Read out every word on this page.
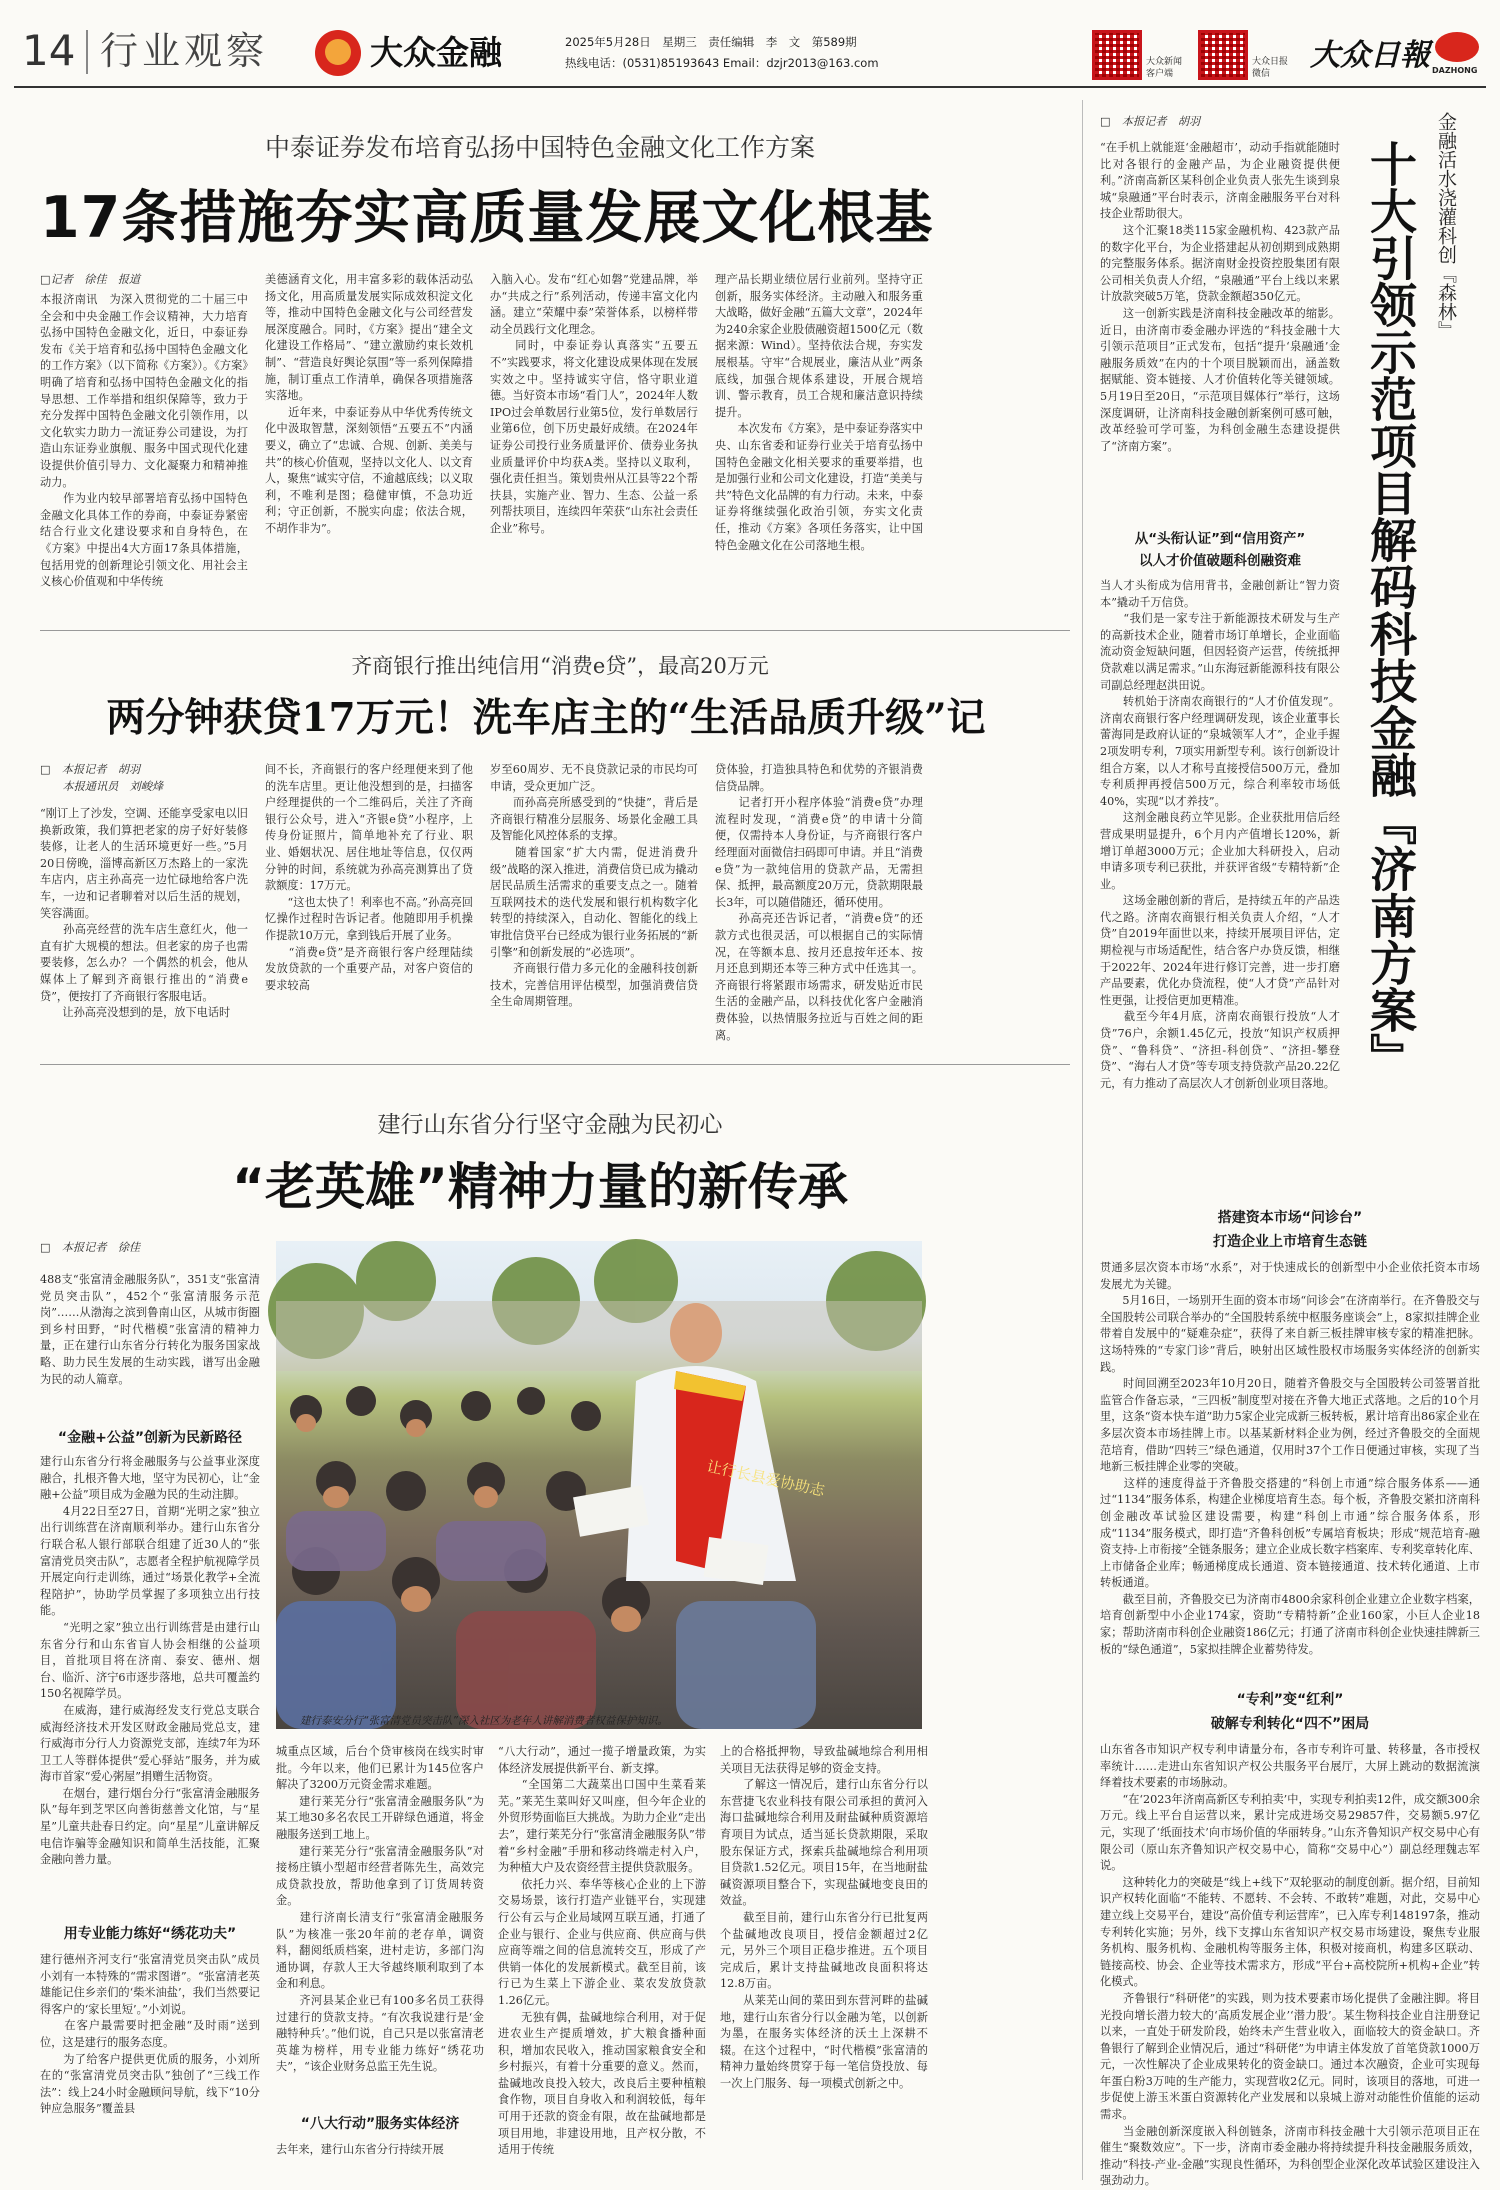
14 行业观察	大众金融	2025年5月28日　星期三　责任编辑　李　文　第589期
热线电话：(0531)85193643 Email：dzjr2013@163.com	大众新闻
客户端
大众日报
微信
大众日報 DAZHONG
中泰证券发布培育弘扬中国特色金融文化工作方案
17条措施夯实高质量发展文化根基
□记者　徐佳　报道
本报济南讯　为深入贯彻党的二十届三中全会和中央金融工作会议精神，大力培育弘扬中国特色金融文化，近日，中泰证券发布《关于培育和弘扬中国特色金融文化的工作方案》（以下简称《方案》）。《方案》明确了培育和弘扬中国特色金融文化的指导思想、工作举措和组织保障等，致力于充分发挥中国特色金融文化引领作用，以文化软实力助力一流证券公司建设，为打造山东证券业旗舰、服务中国式现代化建设提供价值引导力、文化凝聚力和精神推动力。
　　作为业内较早部署培育弘扬中国特色金融文化具体工作的券商，中泰证券紧密结合行业文化建设要求和自身特色，在《方案》中提出4大方面17条具体措施，包括用党的创新理论引领文化、用社会主义核心价值观和中华传统
美德涵育文化，用丰富多彩的载体活动弘扬文化，用高质量发展实际成效积淀文化等，推动中国特色金融文化与公司经营发展深度融合。同时，《方案》提出“建全文化建设工作格局”、“建立激励约束长效机制”、“营造良好舆论氛围”等一系列保障措施，制订重点工作清单，确保各项措施落实落地。
　　近年来，中泰证券从中华优秀传统文化中汲取智慧，深刻领悟“五要五不”内涵要义，确立了“忠诚、合规、创新、美美与共”的核心价值观，坚持以文化人、以文育人，聚焦“诚实守信，不逾越底线；以义取利，不唯利是图；稳健审慎，不急功近利；守正创新，不脱实向虚；依法合规，不胡作非为”。
入脑入心。发布“红心如磐”党建品牌，举办“共成之行”系列活动，传递丰富文化内涵。建立“荣耀中泰”荣誉体系，以榜样带动全员践行文化理念。
　　同时，中泰证券认真落实“五要五不”实践要求，将文化建设成果体现在发展实效之中。坚持诚实守信，恪守职业道德。当好资本市场“看门人”，2024年人数IPO过会单数居行业第5位，发行单数居行业第6位，创下历史最好成绩。在2024年证券公司投行业务质量评价、债券业务执业质量评价中均获A类。坚持以义取利，强化责任担当。策划贵州从江县等22个帮扶县，实施产业、智力、生态、公益一系列帮扶项目，连续四年荣获“山东社会责任企业”称号。
理产品长期业绩位居行业前列。坚持守正创新，服务实体经济。主动融入和服务重大战略，做好金融“五篇大文章”，2024年为240余家企业股债融资超1500亿元（数据来源：Wind）。坚持依法合规，夯实发展根基。守牢“合规展业，廉洁从业”两条底线，加强合规体系建设，开展合规培训、警示教育，员工合规和廉洁意识持续提升。
　　本次发布《方案》，是中泰证券落实中央、山东省委和证券行业关于培育弘扬中国特色金融文化相关要求的重要举措，也是加强行业和公司文化建设，打造“美美与共”特色文化品牌的有力行动。未来，中泰证券将继续强化政治引领，夯实文化责任，推动《方案》各项任务落实，让中国特色金融文化在公司落地生根。
齐商银行推出纯信用“消费e贷”，最高20万元
两分钟获贷17万元！洗车店主的“生活品质升级”记
□　本报记者　胡羽
　　本报通讯员　刘峻烽
“刚订上了沙发，空调、还能享受家电以旧换新政策，我们算把老家的房子好好装修装修，让老人的生活环境更好一些。”5月20日傍晚，淄博高新区万杰路上的一家洗车店内，店主孙高亮一边忙碌地给客户洗车，一边和记者聊着对以后生活的规划，笑容满面。
　　孙高亮经营的洗车店生意红火，他一直有扩大规模的想法。但老家的房子也需要装修，怎么办？一个偶然的机会，他从媒体上了解到齐商银行推出的“消费e贷”，便按打了齐商银行客服电话。
　　让孙高亮没想到的是，放下电话时
间不长，齐商银行的客户经理便来到了他的洗车店里。更让他没想到的是，扫描客户经理提供的一个二维码后，关注了齐商银行公众号，进入“齐银e贷”小程序，上传身份证照片，简单地补充了行业、职业、婚姻状况、居住地址等信息，仅仅两分钟的时间，系统就为孙高亮测算出了贷款额度：17万元。
　　“这也太快了！利率也不高。”孙高亮回忆操作过程时告诉记者。他随即用手机操作提款10万元，拿到钱后开展了业务。
　　“消费e贷”是齐商银行客户经理陆续发放贷款的一个重要产品，对客户资信的要求较高
岁至60周岁、无不良贷款记录的市民均可申请，受众更加广泛。
　　而孙高亮所感受到的“快捷”，背后是齐商银行精准分层服务、场景化金融工具及智能化风控体系的支撑。
　　随着国家“扩大内需，促进消费升级”战略的深入推进，消费信贷已成为撬动居民品质生活需求的重要支点之一。随着互联网技术的迭代发展和银行机构数字化转型的持续深入，自动化、智能化的线上审批信贷平台已经成为银行业务拓展的“新引擎”和创新发展的“必选项”。
　　齐商银行借力多元化的金融科技创新技术，完善信用评估模型，加强消费信贷全生命周期管理。
贷体验，打造独具特色和优势的齐银消费信贷品牌。
　　记者打开小程序体验“消费e贷”办理流程时发现，“消费e贷”的申请十分简便，仅需持本人身份证，与齐商银行客户经理面对面微信扫码即可申请。并且“消费e贷”为一款纯信用的贷款产品，无需担保、抵押，最高额度20万元，贷款期限最长3年，可以随借随还，循环使用。
　　孙高亮还告诉记者，“消费e贷”的还款方式也很灵活，可以根据自己的实际情况，在等额本息、按月还息按年还本、按月还息到期还本等三种方式中任选其一。齐商银行将紧跟市场需求，研发贴近市民生活的金融产品，以科技优化客户金融消费体验，以热情服务拉近与百姓之间的距离。
建行山东省分行坚守金融为民初心
“老英雄”精神力量的新传承
□　本报记者　徐佳
488支“张富清金融服务队”，351支“张富清党员突击队”，452个“张富清服务示范岗”……从渤海之滨到鲁南山区，从城市街圈到乡村田野，“时代楷模”张富清的精神力量，正在建行山东省分行转化为服务国家战略、助力民生发展的生动实践，谱写出金融为民的动人篇章。
“金融+公益”创新为民新路径
建行山东省分行将金融服务与公益事业深度融合，扎根齐鲁大地，坚守为民初心，让“金融+公益”项目成为金融为民的生动注脚。
　　4月22日至27日，首期“光明之家”独立出行训练营在济南顺利举办。建行山东省分行联合私人银行部联合组建了近30人的“张富清党员突击队”，志愿者全程护航视障学员开展定向行走训练，通过“场景化教学+全流程陪护”，协助学员掌握了多项独立出行技能。
　　“光明之家”独立出行训练营是由建行山东省分行和山东省盲人协会相继的公益项目，首批项目将在济南、泰安、德州、烟台、临沂、济宁6市逐步落地，总共可覆盖约150名视障学员。
　　在威海，建行威海经发支行党总支联合威海经济技术开发区财政金融局党总支，建行威海市分行人力资源党支部，连续7年为环卫工人等群体提供“爱心驿站”服务，并为威海市首家“爱心粥屋”捐赠生活物资。
　　在烟台，建行烟台分行“张富清金融服务队”每年到芝罘区向善街慈善文化馆，与“星星”儿童共赴春日约定。向“星星”儿童讲解反电信诈骗等金融知识和简单生活技能，汇聚金融向善力量。
用专业能力练好“绣花功夫”
建行德州齐河支行“张富清党员突击队”成员小刘有一本特殊的“需求图谱”。“张富清老英雄能记住乡亲们的‘柴米油盐’，我们当然要记得客户的‘家长里短’。”小刘说。
　　在客户最需要时把金融“及时雨”送到位，这是建行的服务态度。
　　为了给客户提供更优质的服务，小刘所在的“张富清党员突击队”独创了“三线工作法”：线上24小时金融顾问导航，线下“10分钟应急服务”覆盖县
让行长县爱协助志
建行泰安分行“张富清党员突击队”深入社区为老年人讲解消费者权益保护知识。
城重点区域，后台个贷审核岗在线实时审批。今年以来，他们已累计为145位客户解决了3200万元资金需求难题。
　　建行莱芜分行“张富清金融服务队”为某工地30多名农民工开辟绿色通道，将金融服务送到工地上。
　　建行莱芜分行“张富清金融服务队”对接杨庄镇小型超市经营者陈先生，高效完成贷款投放，帮助他拿到了订货周转资金。
　　建行济南长清支行“张富清金融服务队”为核准一张20年前的老存单，调资料，翻阅纸质档案，进村走访，多部门沟通协调，存款人王大爷越终顺利取到了本金和利息。
　　齐河县某企业已有100多名员工获得过建行的贷款支持。“有次我说建行是‘金融特种兵’。”他们说，自己只是以张富清老英雄为榜样，用专业能力练好“绣花功夫”，“该企业财务总监王先生说。
“八大行动”服务实体经济
去年来，建行山东省分行持续开展
“八大行动”，通过一揽子增量政策，为实体经济发展提供新平台、新支撑。
　　“全国第二大蔬菜出口国中生菜看莱芜。”莱芜生菜叫好又叫座，但今年企业的外贸形势面临巨大挑战。为助力企业“走出去”，建行莱芜分行“张富清金融服务队”带着“乡村金融”手册和移动终端走村入户，为种植大户及农资经营主提供贷款服务。
　　依托力兴、奉华等核心企业的上下游交易场景，该行打造产业链平台，实现建行公有云与企业局域网互联互通，打通了企业与银行、企业与供应商、供应商与供应商等端之间的信息流转交互，形成了产供销一体化的发展新模式。截至目前，该行已为生菜上下游企业、菜农发放贷款1.26亿元。
　　无独有偶，盐碱地综合利用，对于促进农业生产提质增效，扩大粮食播种面积，增加农民收入，推动国家粮食安全和乡村振兴，有着十分重要的意义。然而，盐碱地改良投入较大，改良后主要种植粮食作物，项目自身收入和利润较低，每年可用于还款的资金有限，故在盐碱地都是项目用地，非建设用地，且产权分散，不适用于传统
上的合格抵押物，导致盐碱地综合利用相关项目无法获得足够的资金支持。
　　了解这一情况后，建行山东省分行以东营捷飞农业科技有限公司承担的黄河入海口盐碱地综合利用及耐盐碱种质资源培育项目为试点，适当延长贷款期限，采取股东保证方式，探索兵盐碱地综合利用项目贷款1.52亿元。项目15年，在当地耐盐碱资源项目整合下，实现盐碱地变良田的效益。
　　截至目前，建行山东省分行已批复两个盐碱地改良项目，授信金额超过2亿元，另外三个项目正稳步推进。五个项目完成后，累计支持盐碱地改良面积将达12.8万亩。
　　从莱芜山间的菜田到东营河畔的盐碱地，建行山东省分行以金融为笔，以创新为墨，在服务实体经济的沃土上深耕不辍。在这个过程中，“时代楷模”张富清的精神力量始终贯穿于每一笔信贷投放、每一次上门服务、每一项模式创新之中。
□　本报记者　胡羽	金融活水浇灌科创『森林』
十大引领示范项目解码科技金融『济南方案』
“在手机上就能逛‘金融超市’，动动手指就能随时比对各银行的金融产品，为企业融资提供便利。”济南高新区某科创企业负责人张先生谈到泉城“泉融通”平台时表示，济南金融服务平台对科技企业帮助很大。
　　这个汇聚18类115家金融机构、423款产品的数字化平台，为企业搭建起从初创期到成熟期的完整服务体系。据济南财金投资控股集团有限公司相关负责人介绍，“泉融通”平台上线以来累计放款突破5万笔，贷款金额超350亿元。
　　这一创新实践是济南科技金融改革的缩影。近日，由济南市委金融办评选的“科技金融十大引领示范项目”正式发布，包括“提升‘泉融通’金融服务质效”在内的十个项目脱颖而出，涵盖数据赋能、资本链接、人才价值转化等关键领域。5月19日至20日，“示范项目媒体行”举行，这场深度调研，让济南科技金融创新案例可感可触，改革经验可学可鉴，为科创金融生态建设提供了“济南方案”。
从“头衔认证”到“信用资产”
以人才价值破题科创融资难
当人才头衔成为信用背书，金融创新让“智力资本”撬动千万信贷。
　　“我们是一家专注于新能源技术研发与生产的高新技术企业，随着市场订单增长，企业面临流动资金短缺问题，但因轻资产运营，传统抵押贷款难以满足需求。”山东海冠新能源科技有限公司副总经理赵洪田说。
　　转机始于济南农商银行的“人才价值发现”。济南农商银行客户经理调研发现，该企业董事长蕾海同是政府认证的“泉城领军人才”，企业手握2项发明专利，7项实用新型专利。该行创新设计组合方案，以人才称号直接授信500万元，叠加专利质押再授信500万元，综合利率较市场低40%，实现“以才养技”。
　　这剂金融良药立竿见影。企业获批用信后经营成果明显提升，6个月内产值增长120%，新增订单超3000万元；企业加大科研投入，启动申请多项专利已获批，并获评省级“专精特新”企业。
　　这场金融创新的背后，是持续五年的产品迭代之路。济南农商银行相关负责人介绍，“人才贷”自2019年面世以来，持续开展项目评估，定期检视与市场适配性，结合客户办贷反馈，相继于2022年、2024年进行修订完善，进一步打磨产品要素，优化办贷流程，使“人才贷”产品针对性更强，让授信更加更精准。
　　截至今年4月底，济南农商银行投放“人才贷”76户，余额1.45亿元，投放“知识产权质押贷”、“鲁科贷”、“济担-科创贷”、“济担-攀登贷”、“海右人才贷”等专项支持贷款产品20.22亿元，有力推动了高层次人才创新创业项目落地。
搭建资本市场“问诊台”
打造企业上市培育生态链
贯通多层次资本市场“水系”，对于快速成长的创新型中小企业依托资本市场发展尤为关键。
　　5月16日，一场别开生面的资本市场“问诊会”在济南举行。在齐鲁股交与全国股转公司联合举办的“全国股转系统中枢服务座谈会”上，8家拟挂牌企业带着自发展中的“疑难杂症”，获得了来自新三板挂牌审核专家的精准把脉。这场特殊的“专家门诊”背后，映射出区域性股权市场服务实体经济的创新实践。
　　时间回溯至2023年10月20日，随着齐鲁股交与全国股转公司签署首批监管合作备忘录，“三四板”制度型对接在齐鲁大地正式落地。之后的10个月里，这条“资本快车道”助力5家企业完成新三板转板，累计培育出86家企业在多层次资本市场挂牌上市。以基某新材料企业为例，经过齐鲁股交的全面规范培育，借助“四转三”绿色通道，仅用时37个工作日便通过审核，实现了当地新三板挂牌企业零的突破。
　　这样的速度得益于齐鲁股交搭建的“科创上市通”综合服务体系——通过“1134”服务体系，构建企业梯度培育生态。每个板，齐鲁股交紧扣济南科创金融改革试验区建设需要，构建“科创上市通”综合服务体系，形成“1134”服务模式，即打造“齐鲁科创板”专属培育板块；形成“规范培育-融资支持-上市衔接”全链条服务；建立企业成长数字档案库、专利奖章转化库、上市储备企业库；畅通梯度成长通道、资本链接通道、技术转化通道、上市转板通道。
　　截至目前，齐鲁股交已为济南市4800余家科创企业建立企业数字档案，培育创新型中小企业174家，资助“专精特新”企业160家，小巨人企业18家；帮助济南市科创企业融资186亿元；打通了济南市科创企业快速挂牌新三板的“绿色通道”，5家拟挂牌企业蓄势待发。
“专利”变“红利”
破解专利转化“四不”困局
山东省各市知识产权专利申请量分布，各市专利许可量、转移量，各市授权率统计……走进山东省知识产权公共服务平台展厅，大屏上跳动的数据流演绎着技术要素的市场脉动。
　　“在‘2023年济南高新区专利拍卖’中，实现专利拍卖12件，成交额300余万元。线上平台自运营以来，累计完成进场交易29857件，交易额5.97亿元，实现了‘纸面技术’向市场价值的华丽转身。”山东齐鲁知识产权交易中心有限公司（原山东齐鲁知识产权交易中心，简称“交易中心”）副总经理魏志军说。
　　这种转化力的突破是“线上+线下”双轮驱动的制度创新。据介绍，目前知识产权转化面临“不能转、不愿转、不会转、不敢转”难题，对此，交易中心建立线上交易平台，建设“高价值专利运营库”，已入库专利148197条，推动专利转化实施；另外，线下支撑山东省知识产权交易市场建设，聚焦专业服务机构、服务机构、金融机构等服务主体，积极对接商机，构建多区联动、链接高校、协会、企业等技术需求方，形成“平台+高校院所+机构+企业”转化模式。
　　齐鲁银行“科研佬”的实践，则为技术要素市场化提供了金融注脚。将目光投向增长潜力较大的‘高质发展企业’‘潜力股’。某生物科技企业自注册登记以来，一直处于研发阶段，始终未产生营业收入，面临较大的资金缺口。齐鲁银行了解到企业情况后，通过“科研佬”为申请主体发放了首笔贷款1000万元，一次性解决了企业成果转化的资金缺口。通过本次融资，企业可实现每年蛋白粉3万吨的生产能力，实现营收2亿元。同时，该项目的落地，可进一步促使上游玉米蛋白资源转化产业发展和以泉城上游对动能性价值能的运动需求。
　　当金融创新深度嵌入科创链条，济南市科技金融十大引领示范项目正在催生“聚数效应”。下一步，济南市委金融办将持续提升科技金融服务质效，推动“科技-产业-金融”实现良性循环，为科创型企业深化改革试验区建设注入强劲动力。
